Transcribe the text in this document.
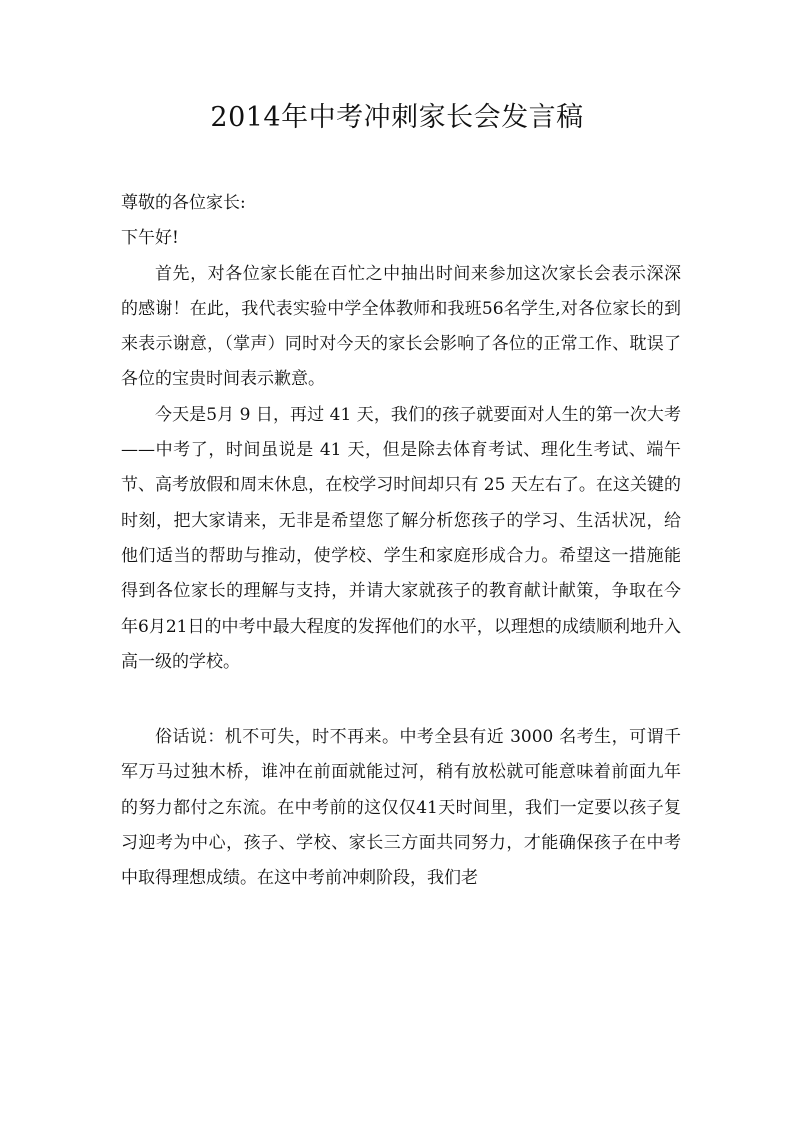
2014年中考冲刺家长会发言稿

尊敬的各位家长:

下午好!

首先，对各位家长能在百忙之中抽出时间来参加这次家长会表示深深的感谢！在此，我代表实验中学全体教师和我班56名学生,对各位家长的到来表示谢意，（掌声）同时对今天的家长会影响了各位的正常工作、耽误了各位的宝贵时间表示歉意。

今天是5月 9 日，再过 41 天，我们的孩子就要面对人生的第一次大考——中考了，时间虽说是 41 天，但是除去体育考试、理化生考试、端午节、高考放假和周末休息，在校学习时间却只有 25 天左右了。在这关键的时刻，把大家请来，无非是希望您了解分析您孩子的学习、生活状况，给他们适当的帮助与推动，使学校、学生和家庭形成合力。希望这一措施能得到各位家长的理解与支持，并请大家就孩子的教育献计献策，争取在今年6月21日的中考中最大程度的发挥他们的水平，以理想的成绩顺利地升入高一级的学校。

俗话说：机不可失，时不再来。中考全县有近 3000 名考生，可谓千军万马过独木桥，谁冲在前面就能过河，稍有放松就可能意味着前面九年的努力都付之东流。在中考前的这仅仅41天时间里，我们一定要以孩子复习迎考为中心，孩子、学校、家长三方面共同努力，才能确保孩子在中考中取得理想成绩。在这中考前冲刺阶段，我们老
